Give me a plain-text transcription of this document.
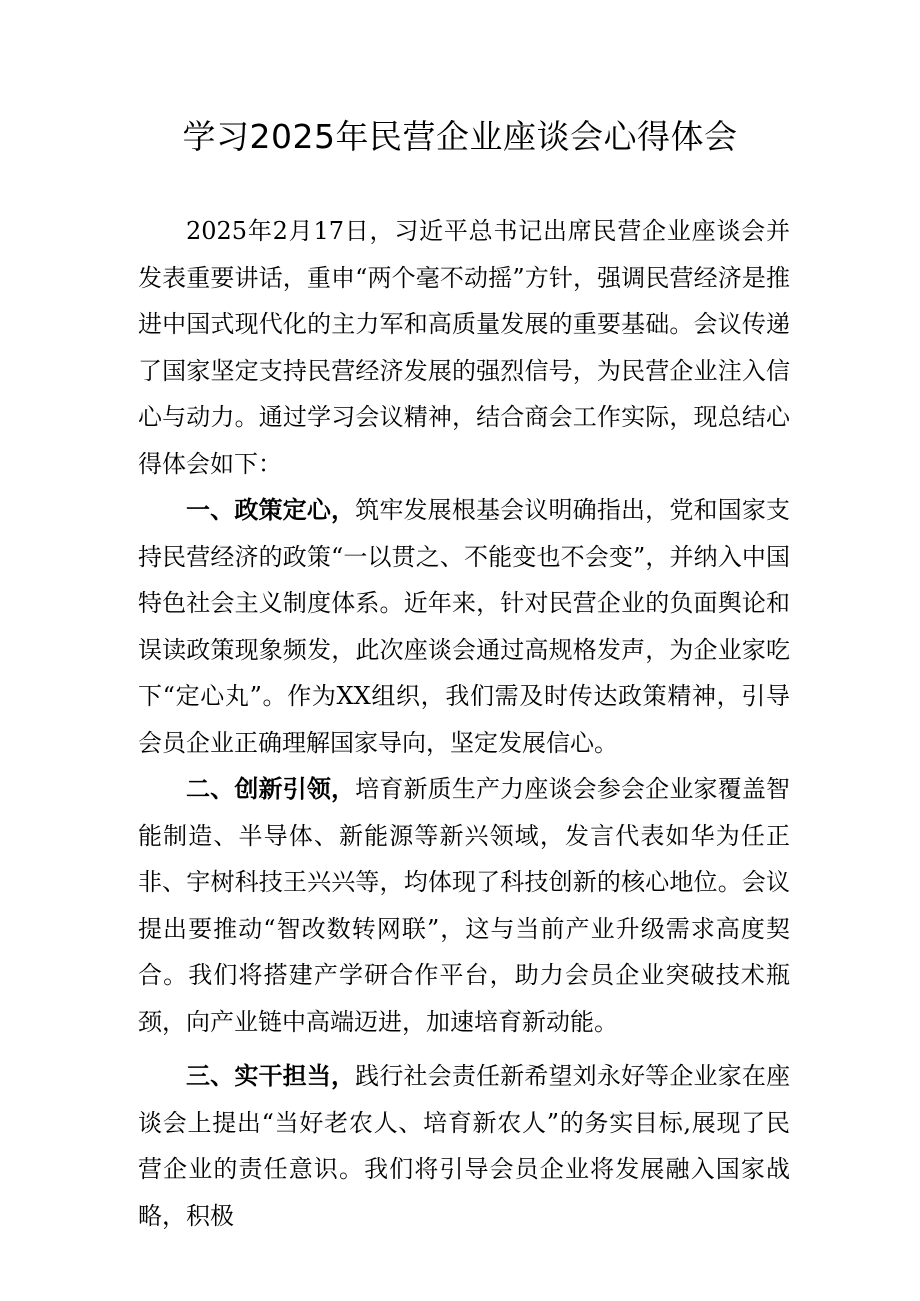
学习2025年民营企业座谈会心得体会

2025年2月17日，习近平总书记出席民营企业座谈会并发表重要讲话，重申“两个毫不动摇”方针，强调民营经济是推进中国式现代化的主力军和高质量发展的重要基础。会议传递了国家坚定支持民营经济发展的强烈信号，为民营企业注入信心与动力。通过学习会议精神，结合商会工作实际，现总结心得体会如下：

一、政策定心，筑牢发展根基会议明确指出，党和国家支持民营经济的政策“一以贯之、不能变也不会变”，并纳入中国特色社会主义制度体系。近年来，针对民营企业的负面舆论和误读政策现象频发，此次座谈会通过高规格发声，为企业家吃下“定心丸”。作为XX组织，我们需及时传达政策精神，引导会员企业正确理解国家导向，坚定发展信心。

二、创新引领，培育新质生产力座谈会参会企业家覆盖智能制造、半导体、新能源等新兴领域，发言代表如华为任正非、宇树科技王兴兴等，均体现了科技创新的核心地位。会议提出要推动“智改数转网联”，这与当前产业升级需求高度契合。我们将搭建产学研合作平台，助力会员企业突破技术瓶颈，向产业链中高端迈进，加速培育新动能。

三、实干担当，践行社会责任新希望刘永好等企业家在座谈会上提出“当好老农人、培育新农人”的务实目标,展现了民营企业的责任意识。我们将引导会员企业将发展融入国家战略，积极
